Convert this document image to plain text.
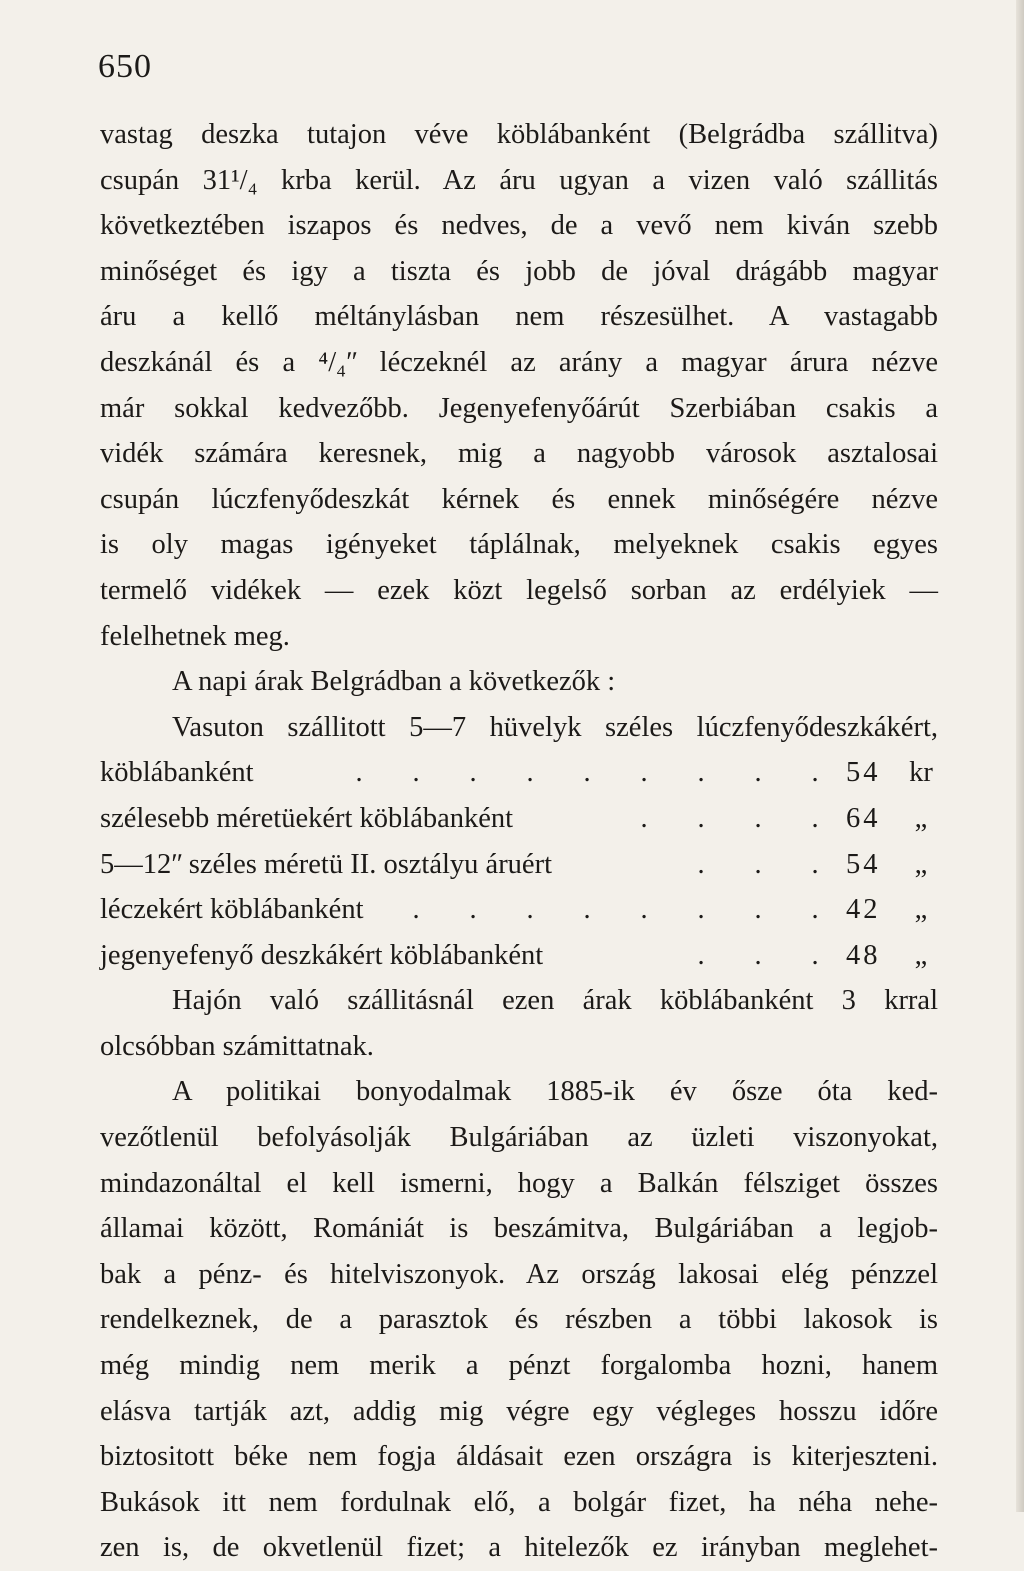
650
vastag deszka tutajon véve köblábanként (Belgrádba szállitva)
csupán 31¹/₄ krba kerül. Az áru ugyan a vizen való szállitás
következtében iszapos és nedves, de a vevő nem kiván szebb
minőséget és igy a tiszta és jobb de jóval drágább magyar
áru a kellő méltánylásban nem részesülhet. A vastagabb
deszkánál és a ⁴/₄ʺ léczeknél az arány a magyar árura nézve
már sokkal kedvezőbb. Jegenyefenyőárút Szerbiában csakis a
vidék számára keresnek, mig a nagyobb városok asztalosai
csupán lúczfenyődeszkát kérnek és ennek minőségére nézve
is oly magas igényeket táplálnak, melyeknek csakis egyes
termelő vidékek — ezek közt legelső sorban az erdélyiek —
felelhetnek meg.
A napi árak Belgrádban a következők :
Vasuton szállitott 5—7 hüvelyk széles lúczfenyődeszkákért,
köblábanként	. . . . . . . . . 54	kr
szélesebb méretüekért köblábanként	. . . . 64	„
5—12ʺ széles méretü II. osztályu áruért	. . . 54	„
léczekért köblábanként	. . . . . . . . 42	„
jegenyefenyő deszkákért köblábanként	. . . 48	„
Hajón való szállitásnál ezen árak köblábanként 3 krral
olcsóbban számittatnak.
A politikai bonyodalmak 1885-ik év ősze óta ked-
vezőtlenül befolyásolják Bulgáriában az üzleti viszonyokat,
mindazonáltal el kell ismerni, hogy a Balkán félsziget összes
államai között, Romániát is beszámitva, Bulgáriában a legjob-
bak a pénz- és hitelviszonyok. Az ország lakosai elég pénzzel
rendelkeznek, de a parasztok és részben a többi lakosok is
még mindig nem merik a pénzt forgalomba hozni, hanem
elásva tartják azt, addig mig végre egy végleges hosszu időre
biztositott béke nem fogja áldásait ezen országra is kiterjeszteni.
Bukások itt nem fordulnak elő, a bolgár fizet, ha néha nehe-
zen is, de okvetlenül fizet; a hitelezők ez irányban meglehet-
